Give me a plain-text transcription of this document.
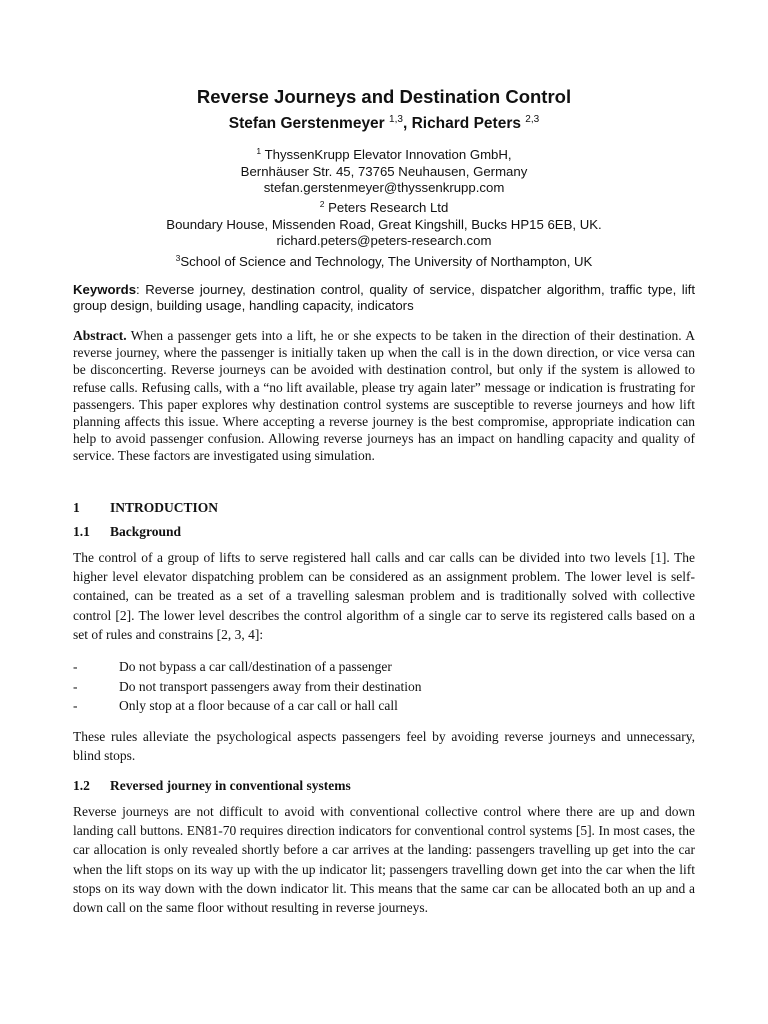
Reverse Journeys and Destination Control
Stefan Gerstenmeyer $^{1,3}$, Richard Peters $^{2,3}$
$^1$ ThyssenKrupp Elevator Innovation GmbH,
Bernhäuser Str. 45, 73765 Neuhausen, Germany
stefan.gerstenmeyer@thyssenkrupp.com
$^2$ Peters Research Ltd
Boundary House, Missenden Road, Great Kingshill, Bucks HP15 6EB, UK.
richard.peters@peters-research.com
$^3$School of Science and Technology, The University of Northampton, UK
Keywords: Reverse journey, destination control, quality of service, dispatcher algorithm, traffic type, lift group design, building usage, handling capacity, indicators
Abstract. When a passenger gets into a lift, he or she expects to be taken in the direction of their destination. A reverse journey, where the passenger is initially taken up when the call is in the down direction, or vice versa can be disconcerting. Reverse journeys can be avoided with destination control, but only if the system is allowed to refuse calls. Refusing calls, with a “no lift available, please try again later” message or indication is frustrating for passengers. This paper explores why destination control systems are susceptible to reverse journeys and how lift planning affects this issue. Where accepting a reverse journey is the best compromise, appropriate indication can help to avoid passenger confusion. Allowing reverse journeys has an impact on handling capacity and quality of service. These factors are investigated using simulation.
1 INTRODUCTION
1.1 Background
The control of a group of lifts to serve registered hall calls and car calls can be divided into two levels [1]. The higher level elevator dispatching problem can be considered as an assignment problem. The lower level is self-contained, can be treated as a set of a travelling salesman problem and is traditionally solved with collective control [2]. The lower level describes the control algorithm of a single car to serve its registered calls based on a set of rules and constrains [2, 3, 4]:
-	Do not bypass a car call/destination of a passenger
-	Do not transport passengers away from their destination
-	Only stop at a floor because of a car call or hall call
These rules alleviate the psychological aspects passengers feel by avoiding reverse journeys and unnecessary, blind stops.
1.2 Reversed journey in conventional systems
Reverse journeys are not difficult to avoid with conventional collective control where there are up and down landing call buttons. EN81-70 requires direction indicators for conventional control systems [5]. In most cases, the car allocation is only revealed shortly before a car arrives at the landing: passengers travelling up get into the car when the lift stops on its way up with the up indicator lit; passengers travelling down get into the car when the lift stops on its way down with the down indicator lit. This means that the same car can be allocated both an up and a down call on the same floor without resulting in reverse journeys.
